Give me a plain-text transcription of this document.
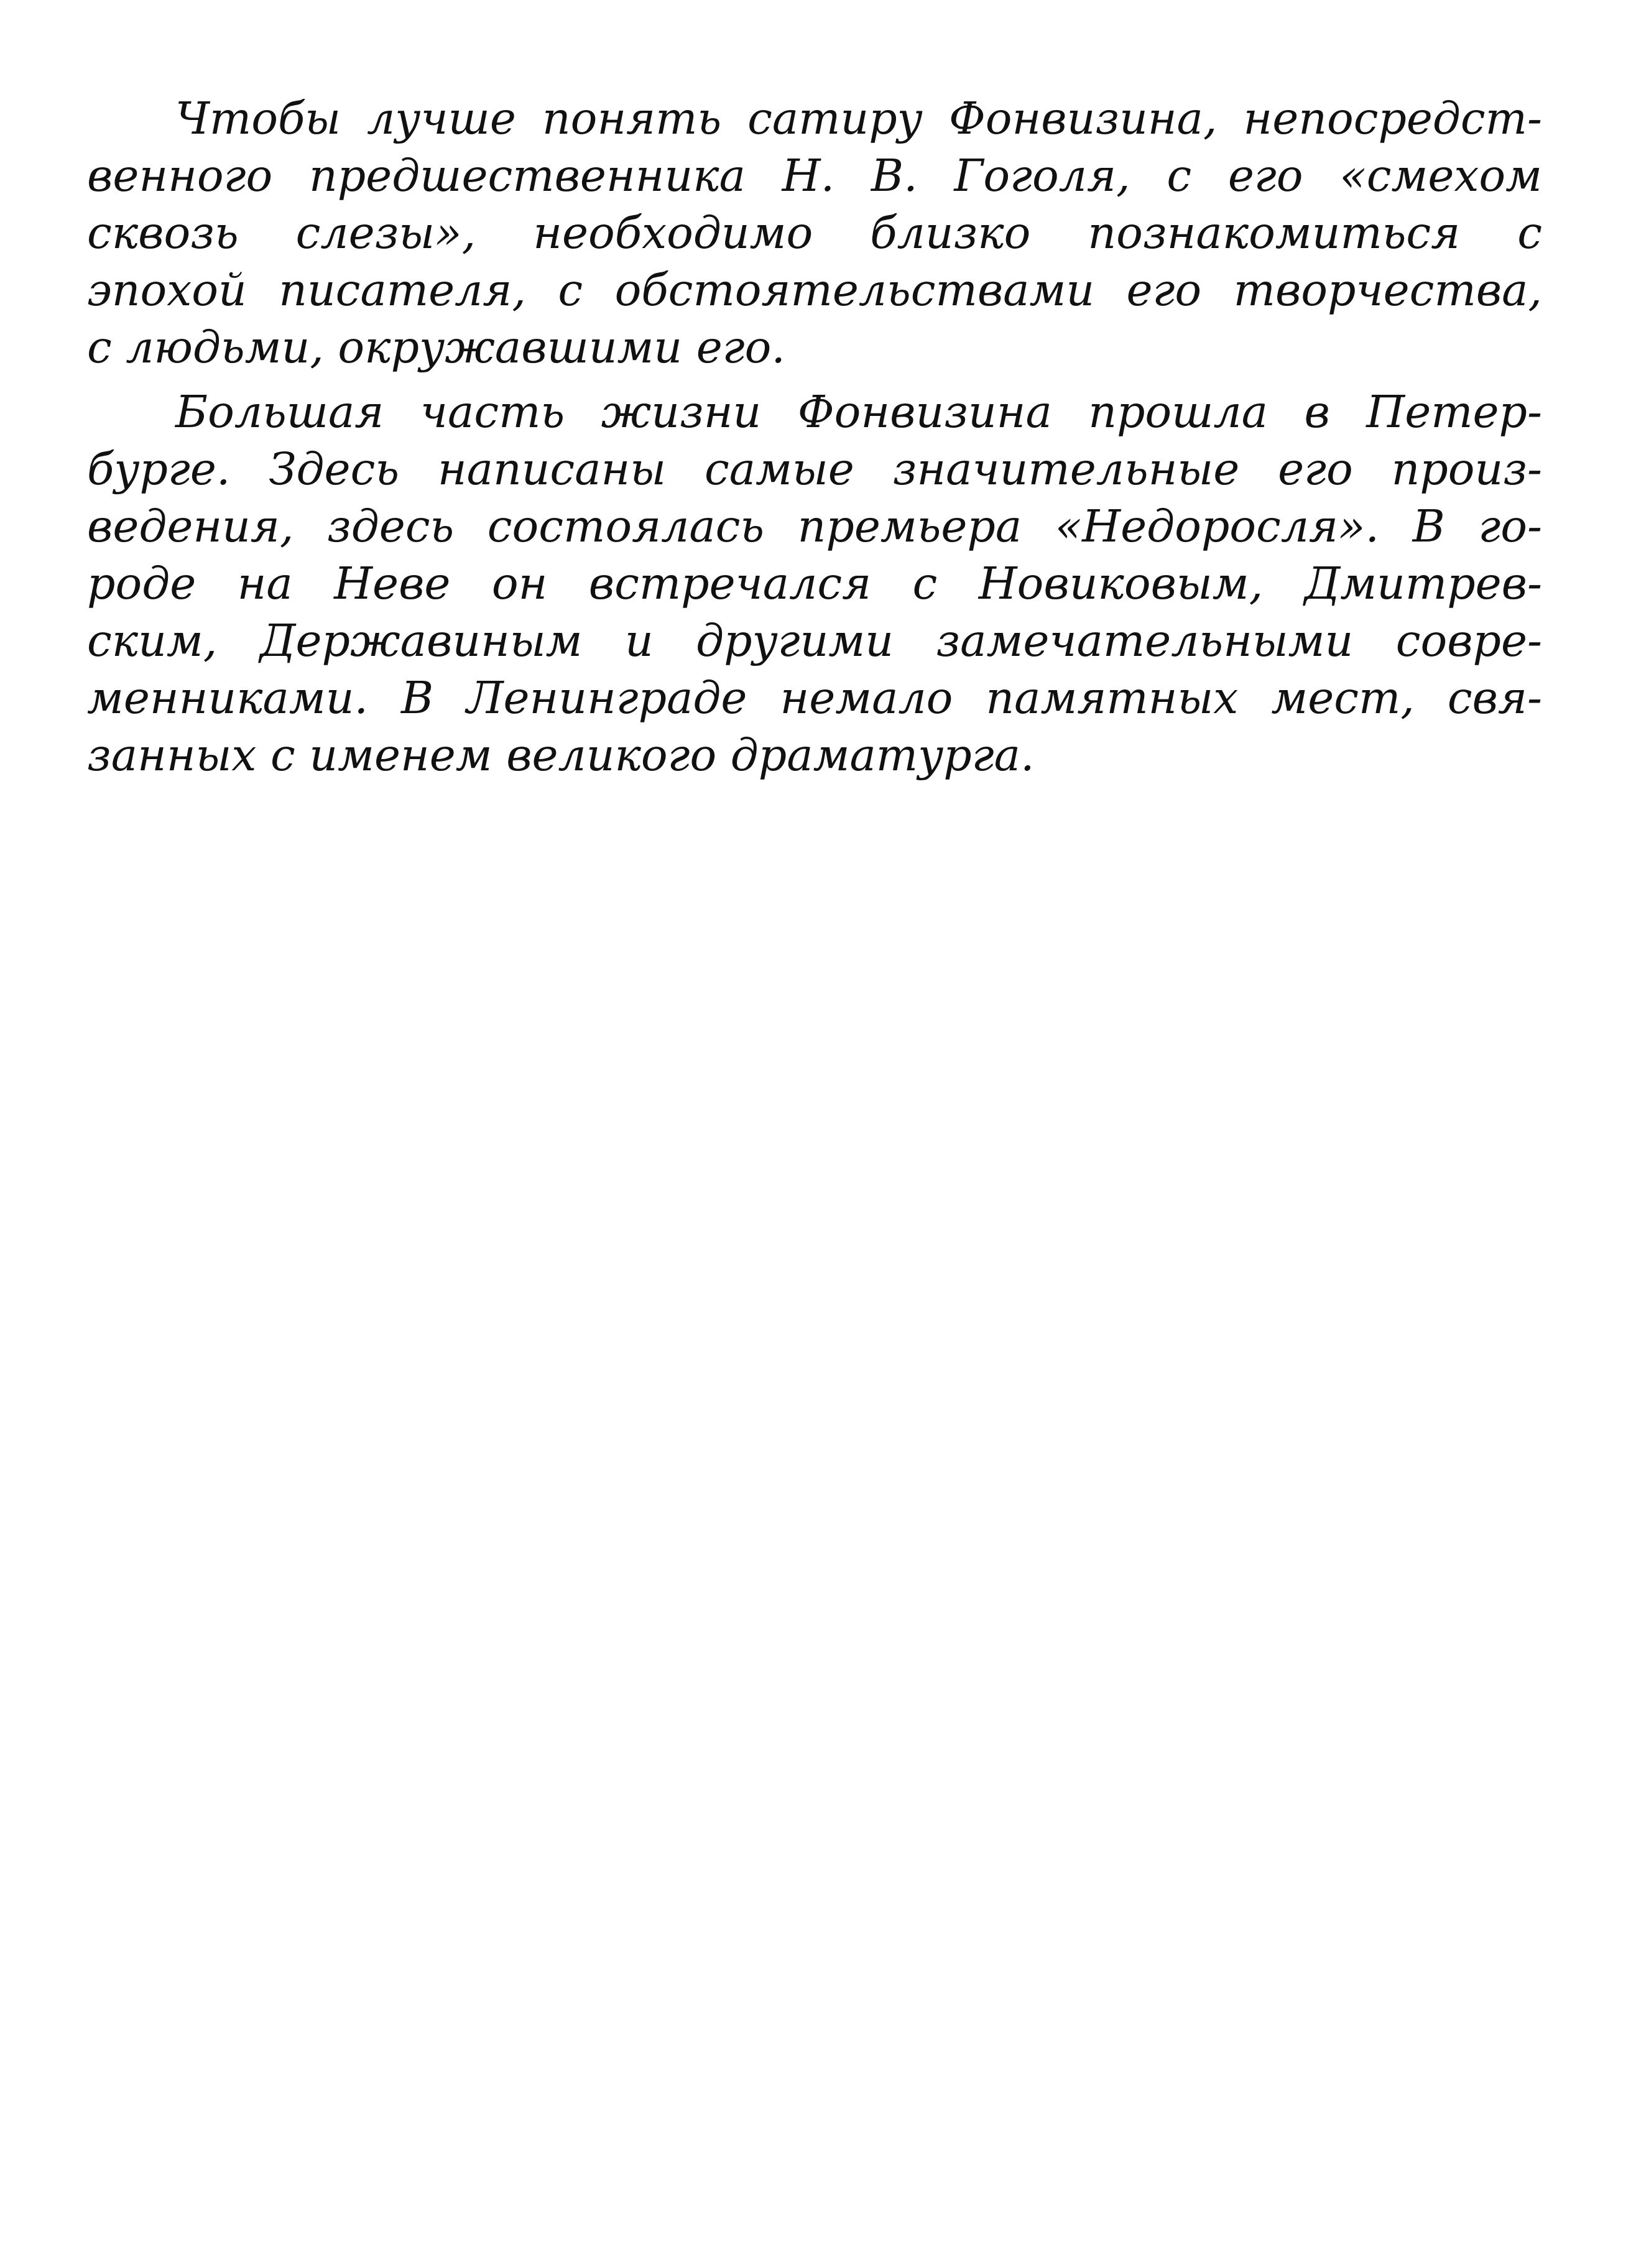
Чтобы лучше понять сатиру Фонвизина, непосредст-
венного предшественника Н. В. Гоголя, с его «смехом
сквозь слезы», необходимо близко познакомиться с
эпохой писателя, с обстоятельствами его творчества,
с людьми, окружавшими его.
Большая часть жизни Фонвизина прошла в Петер-
бурге. Здесь написаны самые значительные его произ-
ведения, здесь состоялась премьера «Недоросля». В го-
роде на Неве он встречался с Новиковым, Дмитрев-
ским, Державиным и другими замечательными совре-
менниками. В Ленинграде немало памятных мест, свя-
занных с именем великого драматурга.
